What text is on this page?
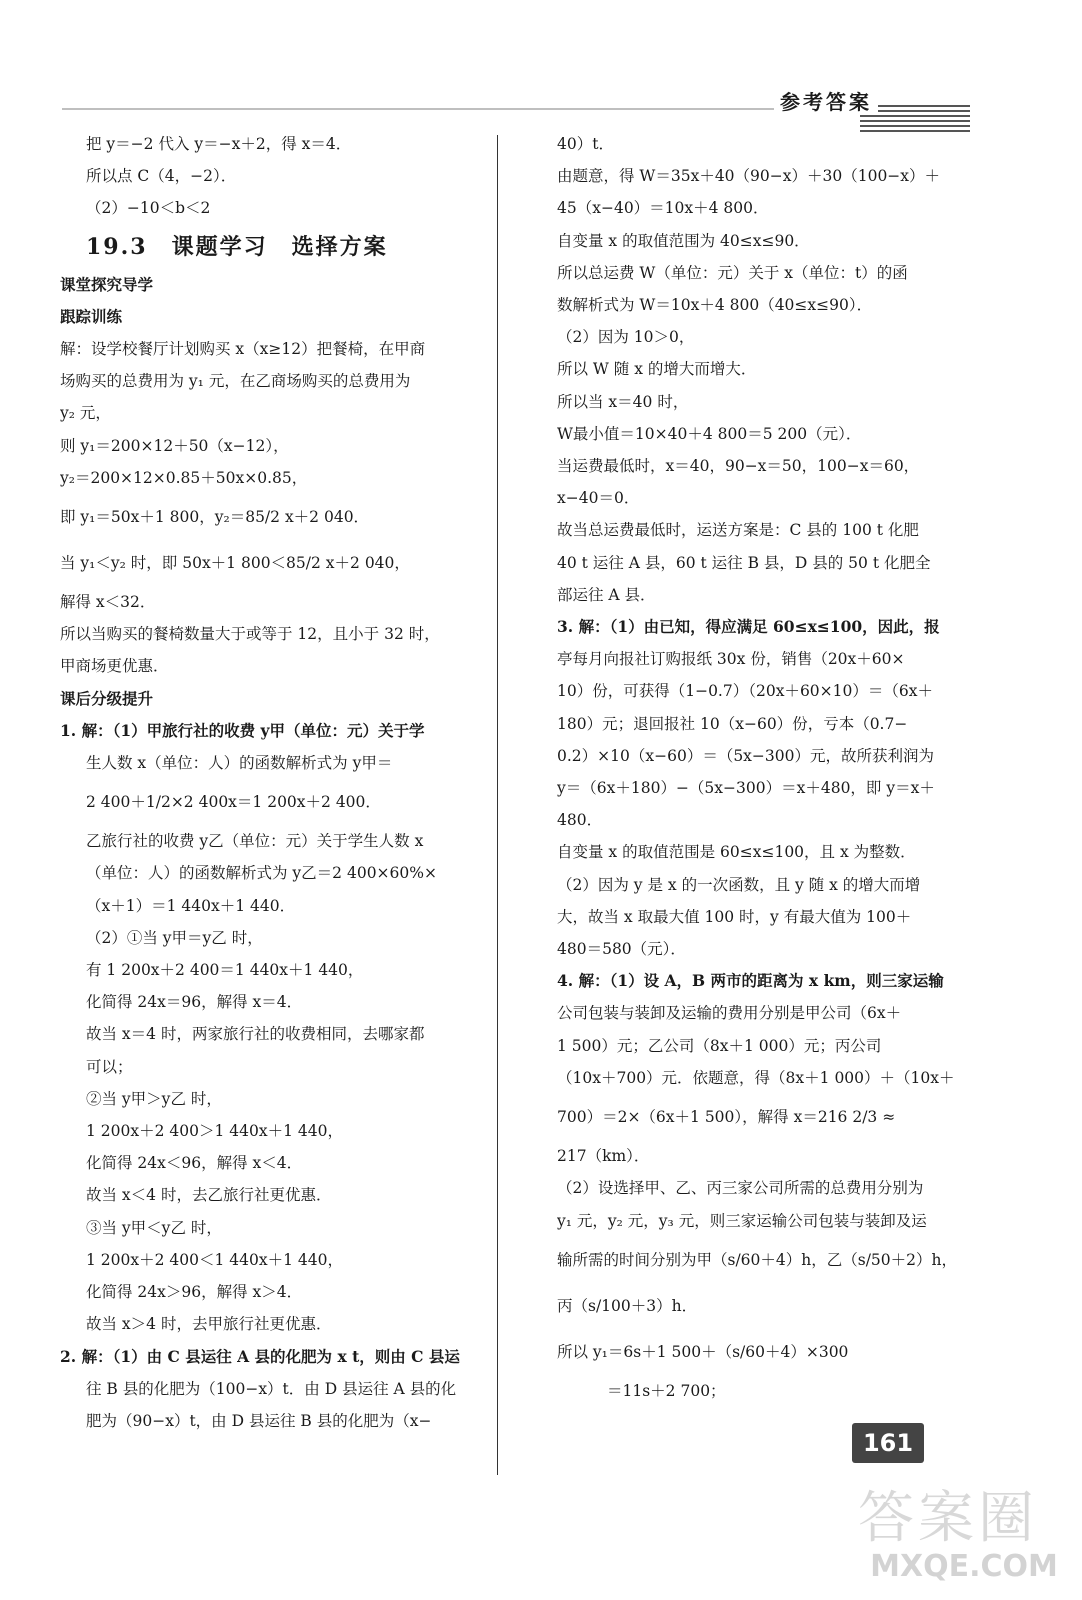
参考答案
把 y＝−2 代入 y＝−x＋2，得 x＝4．
所以点 C（4，−2）．
（2）−10＜b＜2
19.3　课题学习　选择方案
课堂探究导学
跟踪训练
解：设学校餐厅计划购买 x（x≥12）把餐椅，在甲商
场购买的总费用为 y₁ 元，在乙商场购买的总费用为
y₂ 元，
则 y₁＝200×12＋50（x−12），
y₂＝200×12×0.85＋50x×0.85，
即 y₁＝50x＋1 800，y₂＝85/2 x＋2 040．
当 y₁＜y₂ 时，即 50x＋1 800＜85/2 x＋2 040，
解得 x＜32．
所以当购买的餐椅数量大于或等于 12，且小于 32 时，
甲商场更优惠．
课后分级提升
1. 解：（1）甲旅行社的收费 y甲（单位：元）关于学
生人数 x（单位：人）的函数解析式为 y甲＝
2 400＋1/2×2 400x＝1 200x＋2 400．
乙旅行社的收费 y乙（单位：元）关于学生人数 x
（单位：人）的函数解析式为 y乙＝2 400×60%×
（x＋1）＝1 440x＋1 440．
（2）①当 y甲＝y乙 时，
有 1 200x＋2 400＝1 440x＋1 440，
化简得 24x＝96，解得 x＝4．
故当 x＝4 时，两家旅行社的收费相同，去哪家都
可以；
②当 y甲＞y乙 时，
1 200x＋2 400＞1 440x＋1 440，
化简得 24x＜96，解得 x＜4．
故当 x＜4 时，去乙旅行社更优惠．
③当 y甲＜y乙 时，
1 200x＋2 400＜1 440x＋1 440，
化简得 24x＞96，解得 x＞4．
故当 x＞4 时，去甲旅行社更优惠．
2. 解：（1）由 C 县运往 A 县的化肥为 x t，则由 C 县运
往 B 县的化肥为（100−x）t．由 D 县运往 A 县的化
肥为（90−x）t，由 D 县运往 B 县的化肥为（x−
40）t．
由题意，得 W＝35x＋40（90−x）＋30（100−x）＋
45（x−40）＝10x＋4 800．
自变量 x 的取值范围为 40≤x≤90．
所以总运费 W（单位：元）关于 x（单位：t）的函
数解析式为 W＝10x＋4 800（40≤x≤90）．
（2）因为 10＞0，
所以 W 随 x 的增大而增大．
所以当 x＝40 时，
W最小值＝10×40＋4 800＝5 200（元）．
当运费最低时，x＝40，90−x＝50，100−x＝60，
x−40＝0．
故当总运费最低时，运送方案是：C 县的 100 t 化肥
40 t 运往 A 县，60 t 运往 B 县，D 县的 50 t 化肥全
部运往 A 县．
3. 解：（1）由已知，得应满足 60≤x≤100，因此，报
亭每月向报社订购报纸 30x 份，销售（20x＋60×
10）份，可获得（1−0.7）（20x＋60×10）＝（6x＋
180）元；退回报社 10（x−60）份，亏本（0.7−
0.2）×10（x−60）＝（5x−300）元，故所获利润为
y＝（6x＋180）−（5x−300）＝x＋480，即 y＝x＋
480．
自变量 x 的取值范围是 60≤x≤100，且 x 为整数．
（2）因为 y 是 x 的一次函数，且 y 随 x 的增大而增
大，故当 x 取最大值 100 时，y 有最大值为 100＋
480＝580（元）．
4. 解：（1）设 A，B 两市的距离为 x km，则三家运输
公司包装与装卸及运输的费用分别是甲公司（6x＋
1 500）元；乙公司（8x＋1 000）元；丙公司
（10x＋700）元．依题意，得（8x＋1 000）＋（10x＋
700）＝2×（6x＋1 500），解得 x＝216 2/3 ≈
217（km）．
（2）设选择甲、乙、丙三家公司所需的总费用分别为
y₁ 元，y₂ 元，y₃ 元，则三家运输公司包装与装卸及运
输所需的时间分别为甲（s/60＋4）h，乙（s/50＋2）h，
丙（s/100＋3）h．
所以 y₁＝6s＋1 500＋（s/60＋4）×300
＝11s＋2 700；
161
答案圈
MXQE.COM
